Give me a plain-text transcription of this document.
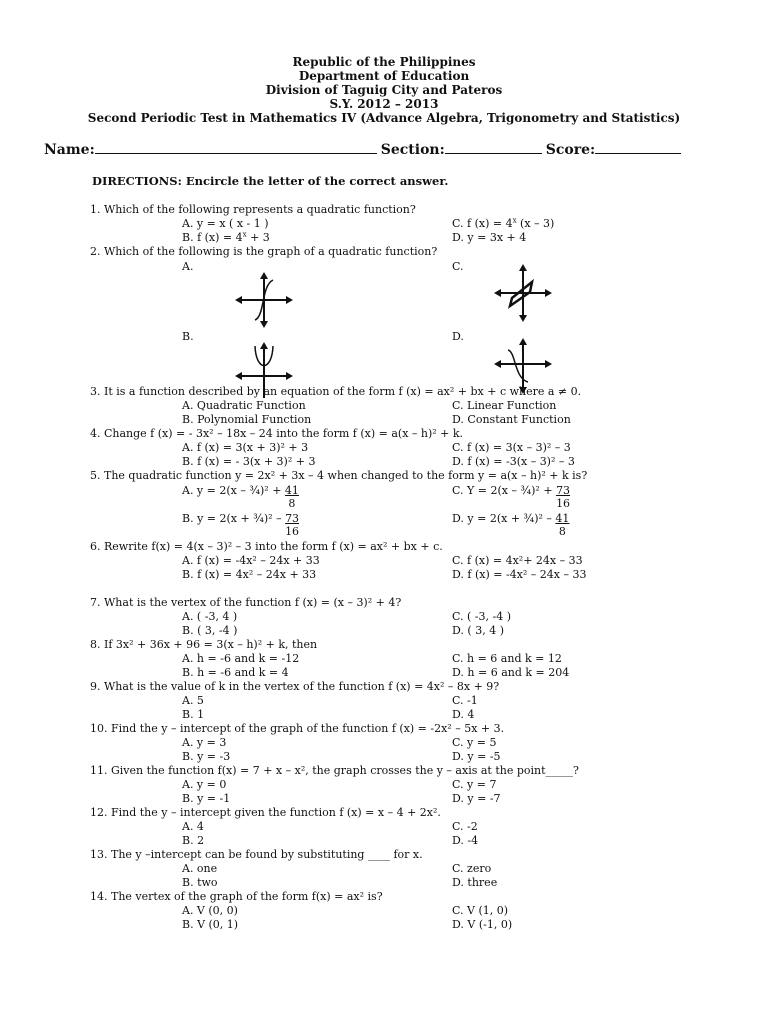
Republic of the Philippines
Department of Education
Division of Taguig City and Pateros
S.Y. 2012 – 2013
Second Periodic Test in Mathematics IV (Advance Algebra, Trigonometry and Statistics)
Name:	Section:	Score:
DIRECTIONS: Encircle the letter of the correct answer.
1. Which of the following represents a quadratic function?
A. y = x ( x - 1 )	C. f $(x) = 4^x$ (x – 3)
B. f $(x) = 4^x + 3$	D. y = 3x + 4
2. Which of the following is the graph of a quadratic function?
A.	C.
B.	D.
3. It is a function described by an equation of the form f (x) = ax² + bx + c where a ≠ 0.
A. Quadratic Function	C. Linear Function
B. Polynomial Function	D. Constant Function
4. Change f (x) = - 3x² – 18x – 24 into the form f (x) = a(x – h)² + k.
A. f (x) = 3(x + 3)² + 3	C. f (x) = 3(x – 3)² – 3
B. f (x) = - 3(x + 3)² + 3	D. f (x) = -3(x – 3)² – 3
5. The quadratic function y = 2x² + 3x – 4 when changed to the form y = a(x – h)² + k is?
A. y = 2(x – ¾)² + $\frac{41}{8}$	C. Y = 2(x – ¾)² + $\frac{73}{16}$
B. y = 2(x + ¾)² – $\frac{73}{16}$	D. y = 2(x + ¾)² – $\frac{41}{8}$
6. Rewrite f(x) = 4(x – 3)² – 3 into the form f (x) = ax² + bx + c.
A. f (x) = -4x² – 24x + 33	C. f (x) = 4x²+ 24x – 33
B. f (x) = 4x² – 24x + 33	D. f (x) = -4x² – 24x – 33
7. What is the vertex of the function f (x) = (x – 3)² + 4?
A. ( -3, 4 )	C. ( -3, -4 )
B. ( 3, -4 )	D. ( 3, 4 )
8. If 3x² + 36x + 96 = 3(x – h)² + k, then
A. h = -6 and k = -12	C. h = 6 and k = 12
B. h = -6 and k = 4	D. h = 6 and k = 204
9. What is the value of k in the vertex of the function f (x) = 4x² – 8x + 9?
A. 5	C. -1
B. 1	D. 4
10. Find the y – intercept of the graph of the function f (x) = -2x² – 5x + 3.
A. y = 3	C. y = 5
B. y = -3	D. y = -5
11. Given the function f(x) = 7 + x – x², the graph crosses the y – axis at the point_____?
A. y = 0	C. y = 7
B. y = -1	D. y = -7
12. Find the y – intercept given the function f (x) = x – 4 + 2x².
A. 4	C. -2
B. 2	D. -4
13. The y –intercept can be found by substituting ____ for x.
A. one	C. zero
B. two	D. three
14. The vertex of the graph of the form f(x) = ax² is?
A. V (0, 0)	C. V (1, 0)
B. V (0, 1)	D. V (-1, 0)
